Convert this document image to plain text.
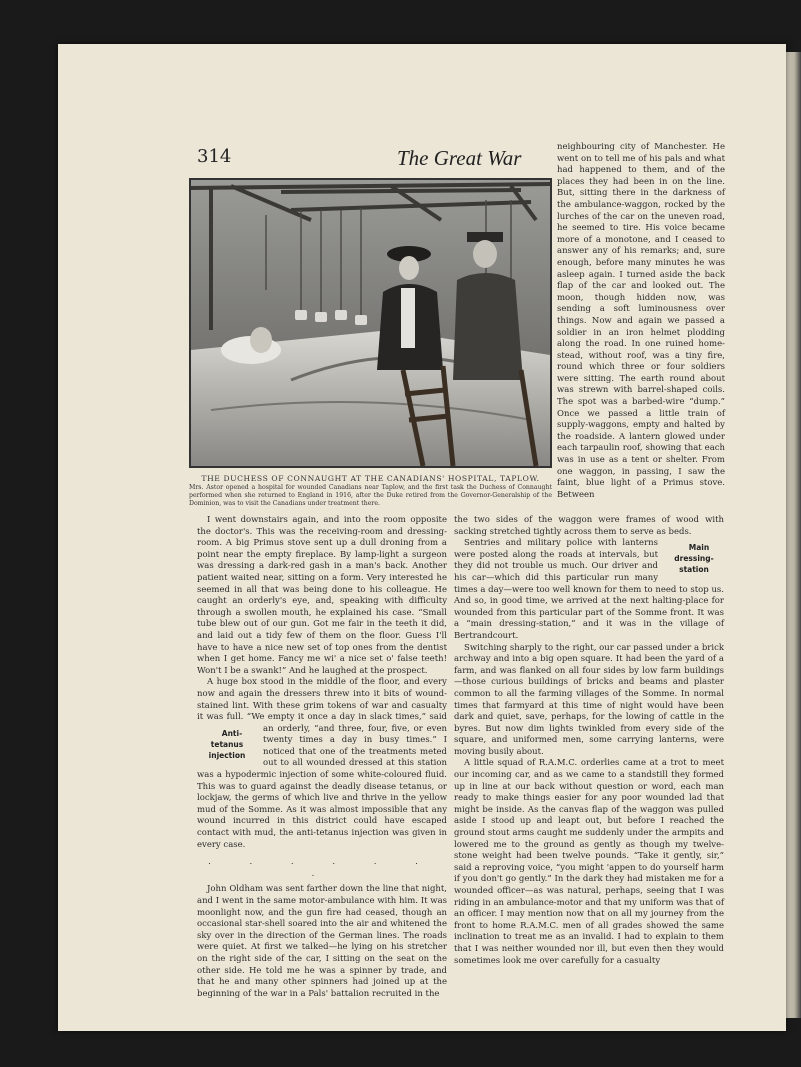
314	The Great War
THE DUCHESS OF CONNAUGHT AT THE CANADIANS' HOSPITAL, TAPLOW.
Mrs. Astor opened a hospital for wounded Canadians near Taplow, and the first task the Duchess of Connaught performed when she returned to England in 1916, after the Duke retired from the Governor-Generalship of the Dominion, was to visit the Canadians under treatment there.

neighbouring city of Manchester. He went on to tell me of his pals and what had happened to them, and of the places they had been in on the line. But, sitting there in the darkness of the ambulance-waggon, rocked by the lurches of the car on the uneven road, he seemed to tire. His voice became more of a monotone, and I ceased to answer any of his remarks; and, sure enough, before many minutes he was asleep again. I turned aside the back flap of the car and looked out. The moon, though hidden now, was sending a soft luminousness over things. Now and again we passed a soldier in an iron helmet plodding along the road. In one ruined home-stead, without roof, was a tiny fire, round which three or four soldiers were sitting. The earth round about was strewn with barrel-shaped coils. The spot was a barbed-wire “dump.” Once we passed a little train of supply-waggons, empty and halted by the roadside. A lantern glowed under each tarpaulin roof, showing that each was in use as a tent or shelter. From one waggon, in passing, I saw the faint, blue light of a Primus stove. Between

I went downstairs again, and into the room opposite the doctor's. This was the receiving-room and dressing-room. A big Primus stove sent up a dull droning from a point near the empty fireplace. By lamp-light a surgeon was dressing a dark-red gash in a man's back. Another patient waited near, sitting on a form. Very interested he seemed in all that was being done to his colleague. He caught an orderly's eye, and, speaking with difficulty through a swollen mouth, he explained his case. “Small tube blew out of our gun. Got me fair in the teeth it did, and laid out a tidy few of them on the floor. Guess I'll have to have a nice new set of top ones from the dentist when I get home. Fancy me wi' a nice set o' false teeth! Won't I be a swank!” And he laughed at the prospect.

A huge box stood in the middle of the floor, and every now and again the dressers threw into it bits of wound-stained lint. With these grim tokens of war and casualty it was full. “We empty it once a day in slack times,”
Anti-tetanus injection
said an orderly, “and three, four, five, or even twenty times a day in busy times.” I noticed that one of the treatments meted out to all wounded dressed at this station was a hypodermic injection of some white-coloured fluid. This was to guard against the deadly disease tetanus, or lockjaw, the germs of which live and thrive in the yellow mud of the Somme. As it was almost impossible that any wound incurred in this district could have escaped contact with mud, the anti-tetanus injection was given in every case.

. . . . . . .

John Oldham was sent farther down the line that night, and I went in the same motor-ambulance with him. It was moonlight now, and the gun fire had ceased, though an occasional star-shell soared into the air and whitened the sky over in the direction of the German lines. The roads were quiet. At first we talked—he lying on his stretcher on the right side of the car, I sitting on the seat on the other side. He told me he was a spinner by trade, and that he and many other spinners had joined up at the beginning of the war in a Pals' battalion recruited in the

the two sides of the waggon were frames of wood with sacking stretched tightly across them to serve as beds.

Main dressing-station
Sentries and military police with lanterns were posted along the roads at intervals, but they did not trouble us much. Our driver and his car—which did this particular run many times a day—were too well known for them to need to stop us. And so, in good time, we arrived at the next halting-place for wounded from this particular part of the Somme front. It was a “main dressing-station,” and it was in the village of Bertrandcourt.

Switching sharply to the right, our car passed under a brick archway and into a big open square. It had been the yard of a farm, and was flanked on all four sides by low farm buildings—those curious buildings of bricks and beams and plaster common to all the farming villages of the Somme. In normal times that farmyard at this time of night would have been dark and quiet, save, perhaps, for the lowing of cattle in the byres. But now dim lights twinkled from every side of the square, and uniformed men, some carrying lanterns, were moving busily about.

A little squad of R.A.M.C. orderlies came at a trot to meet our incoming car, and as we came to a standstill they formed up in line at our back without question or word, each man ready to make things easier for any poor wounded lad that might be inside. As the canvas flap of the waggon was pulled aside I stood up and leapt out, but before I reached the ground stout arms caught me suddenly under the armpits and lowered me to the ground as gently as though my twelve-stone weight had been twelve pounds. “Take it gently, sir,” said a reproving voice, “you might 'appen to do yourself harm if you don't go gently.” In the dark they had mistaken me for a wounded officer—as was natural, perhaps, seeing that I was riding in an ambulance-motor and that my uniform was that of an officer. I may mention now that on all my journey from the front to home R.A.M.C. men of all grades showed the same inclination to treat me as an invalid. I had to explain to them that I was neither wounded nor ill, but even then they would sometimes look me over carefully for a casualty
